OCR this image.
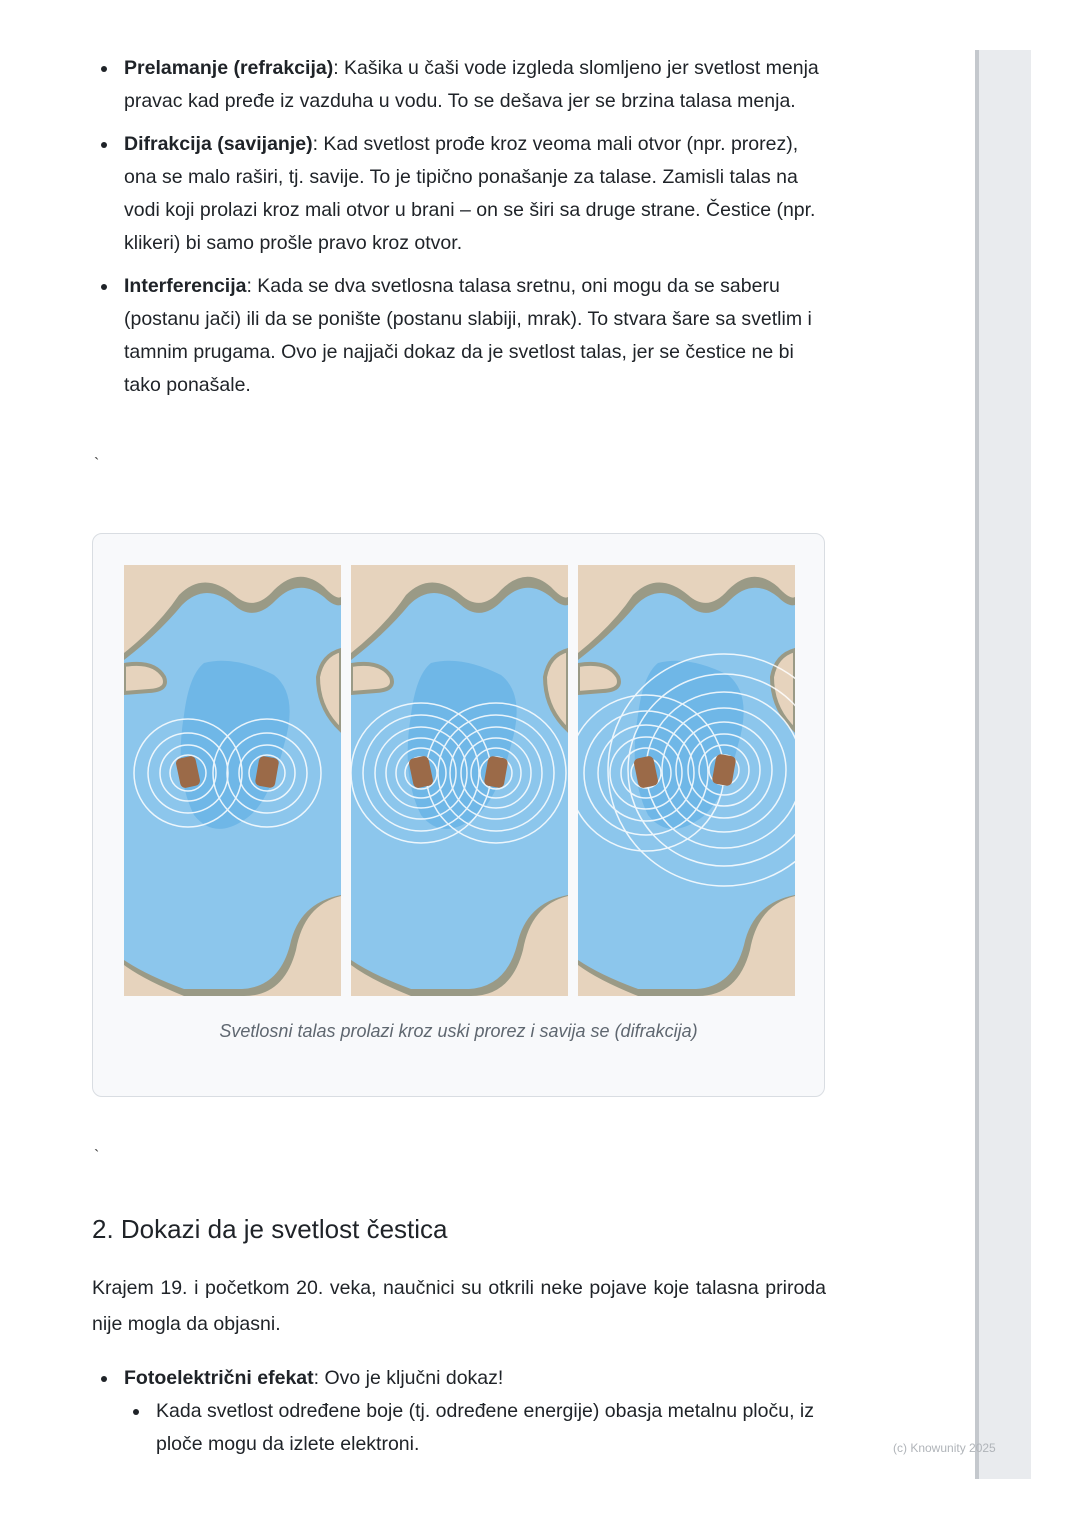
Prelamanje (refrakcija): Kašika u čaši vode izgleda slomljeno jer svetlost menja pravac kad pređe iz vazduha u vodu. To se dešava jer se brzina talasa menja.
Difrakcija (savijanje): Kad svetlost prođe kroz veoma mali otvor (npr. prorez), ona se malo raširi, tj. savije. To je tipično ponašanje za talase. Zamisli talas na vodi koji prolazi kroz mali otvor u brani – on se širi sa druge strane. Čestice (npr. klikeri) bi samo prošle pravo kroz otvor.
Interferencija: Kada se dva svetlosna talasa sretnu, oni mogu da se saberu (postanu jači) ili da se ponište (postanu slabiji, mrak). To stvara šare sa svetlim i tamnim prugama. Ovo je najjači dokaz da je svetlost talas, jer se čestice ne bi tako ponašale.
`
Svetlosni talas prolazi kroz uski prorez i savija se (difrakcija)
`
2. Dokazi da je svetlost čestica
Krajem 19. i početkom 20. veka, naučnici su otkrili neke pojave koje talasna priroda nije mogla da objasni.
Fotoelektrični efekat: Ovo je ključni dokaz!
Kada svetlost određene boje (tj. određene energije) obasja metalnu ploču, iz ploče mogu da izlete elektroni.	(c) Knowunity 2025
